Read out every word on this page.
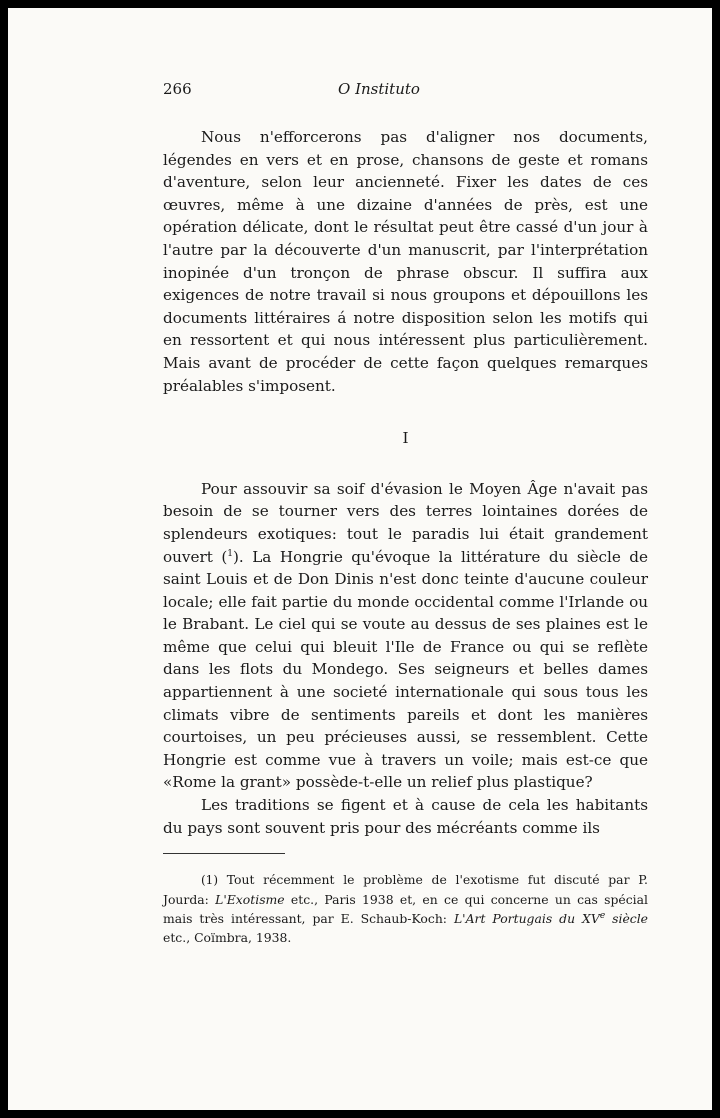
266	O Instituto

Nous n'efforcerons pas d'aligner nos documents, légendes en vers et en prose, chansons de geste et romans d'aventure, selon leur ancienneté. Fixer les dates de ces œuvres, même à une dizaine d'années de près, est une opération délicate, dont le résultat peut être cassé d'un jour à l'autre par la découverte d'un manuscrit, par l'interprétation inopinée d'un tronçon de phrase obscur. Il suffira aux exigences de notre travail si nous groupons et dépouillons les documents littéraires á notre disposition selon les motifs qui en ressortent et qui nous intéressent plus particulièrement. Mais avant de procéder de cette façon quelques remarques préalables s'imposent.

I

Pour assouvir sa soif d'évasion le Moyen Âge n'avait pas besoin de se tourner vers des terres lointaines dorées de splendeurs exotiques: tout le paradis lui était grandement ouvert ($^1$). La Hongrie qu'évoque la littérature du siècle de saint Louis et de Don Dinis n'est donc teinte d'aucune couleur locale; elle fait partie du monde occidental comme l'Irlande ou le Brabant. Le ciel qui se voute au dessus de ses plaines est le même que celui qui bleuit l'Ile de France ou qui se reflète dans les flots du Mondego. Ses seigneurs et belles dames appartiennent à une societé internationale qui sous tous les climats vibre de sentiments pareils et dont les manières courtoises, un peu précieuses aussi, se ressemblent. Cette Hongrie est comme vue à travers un voile; mais est-ce que «Rome la grant» possède-t-elle un relief plus plastique?

Les traditions se figent et à cause de cela les habitants du pays sont souvent pris pour des mécréants comme ils

(1) Tout récemment le problème de l'exotisme fut discuté par P. Jourda: L'Exotisme etc., Paris 1938 et, en ce qui concerne un cas spécial mais très intéressant, par E. Schaub-Koch: L'Art Portugais du XVe siècle etc., Coïmbra, 1938.
